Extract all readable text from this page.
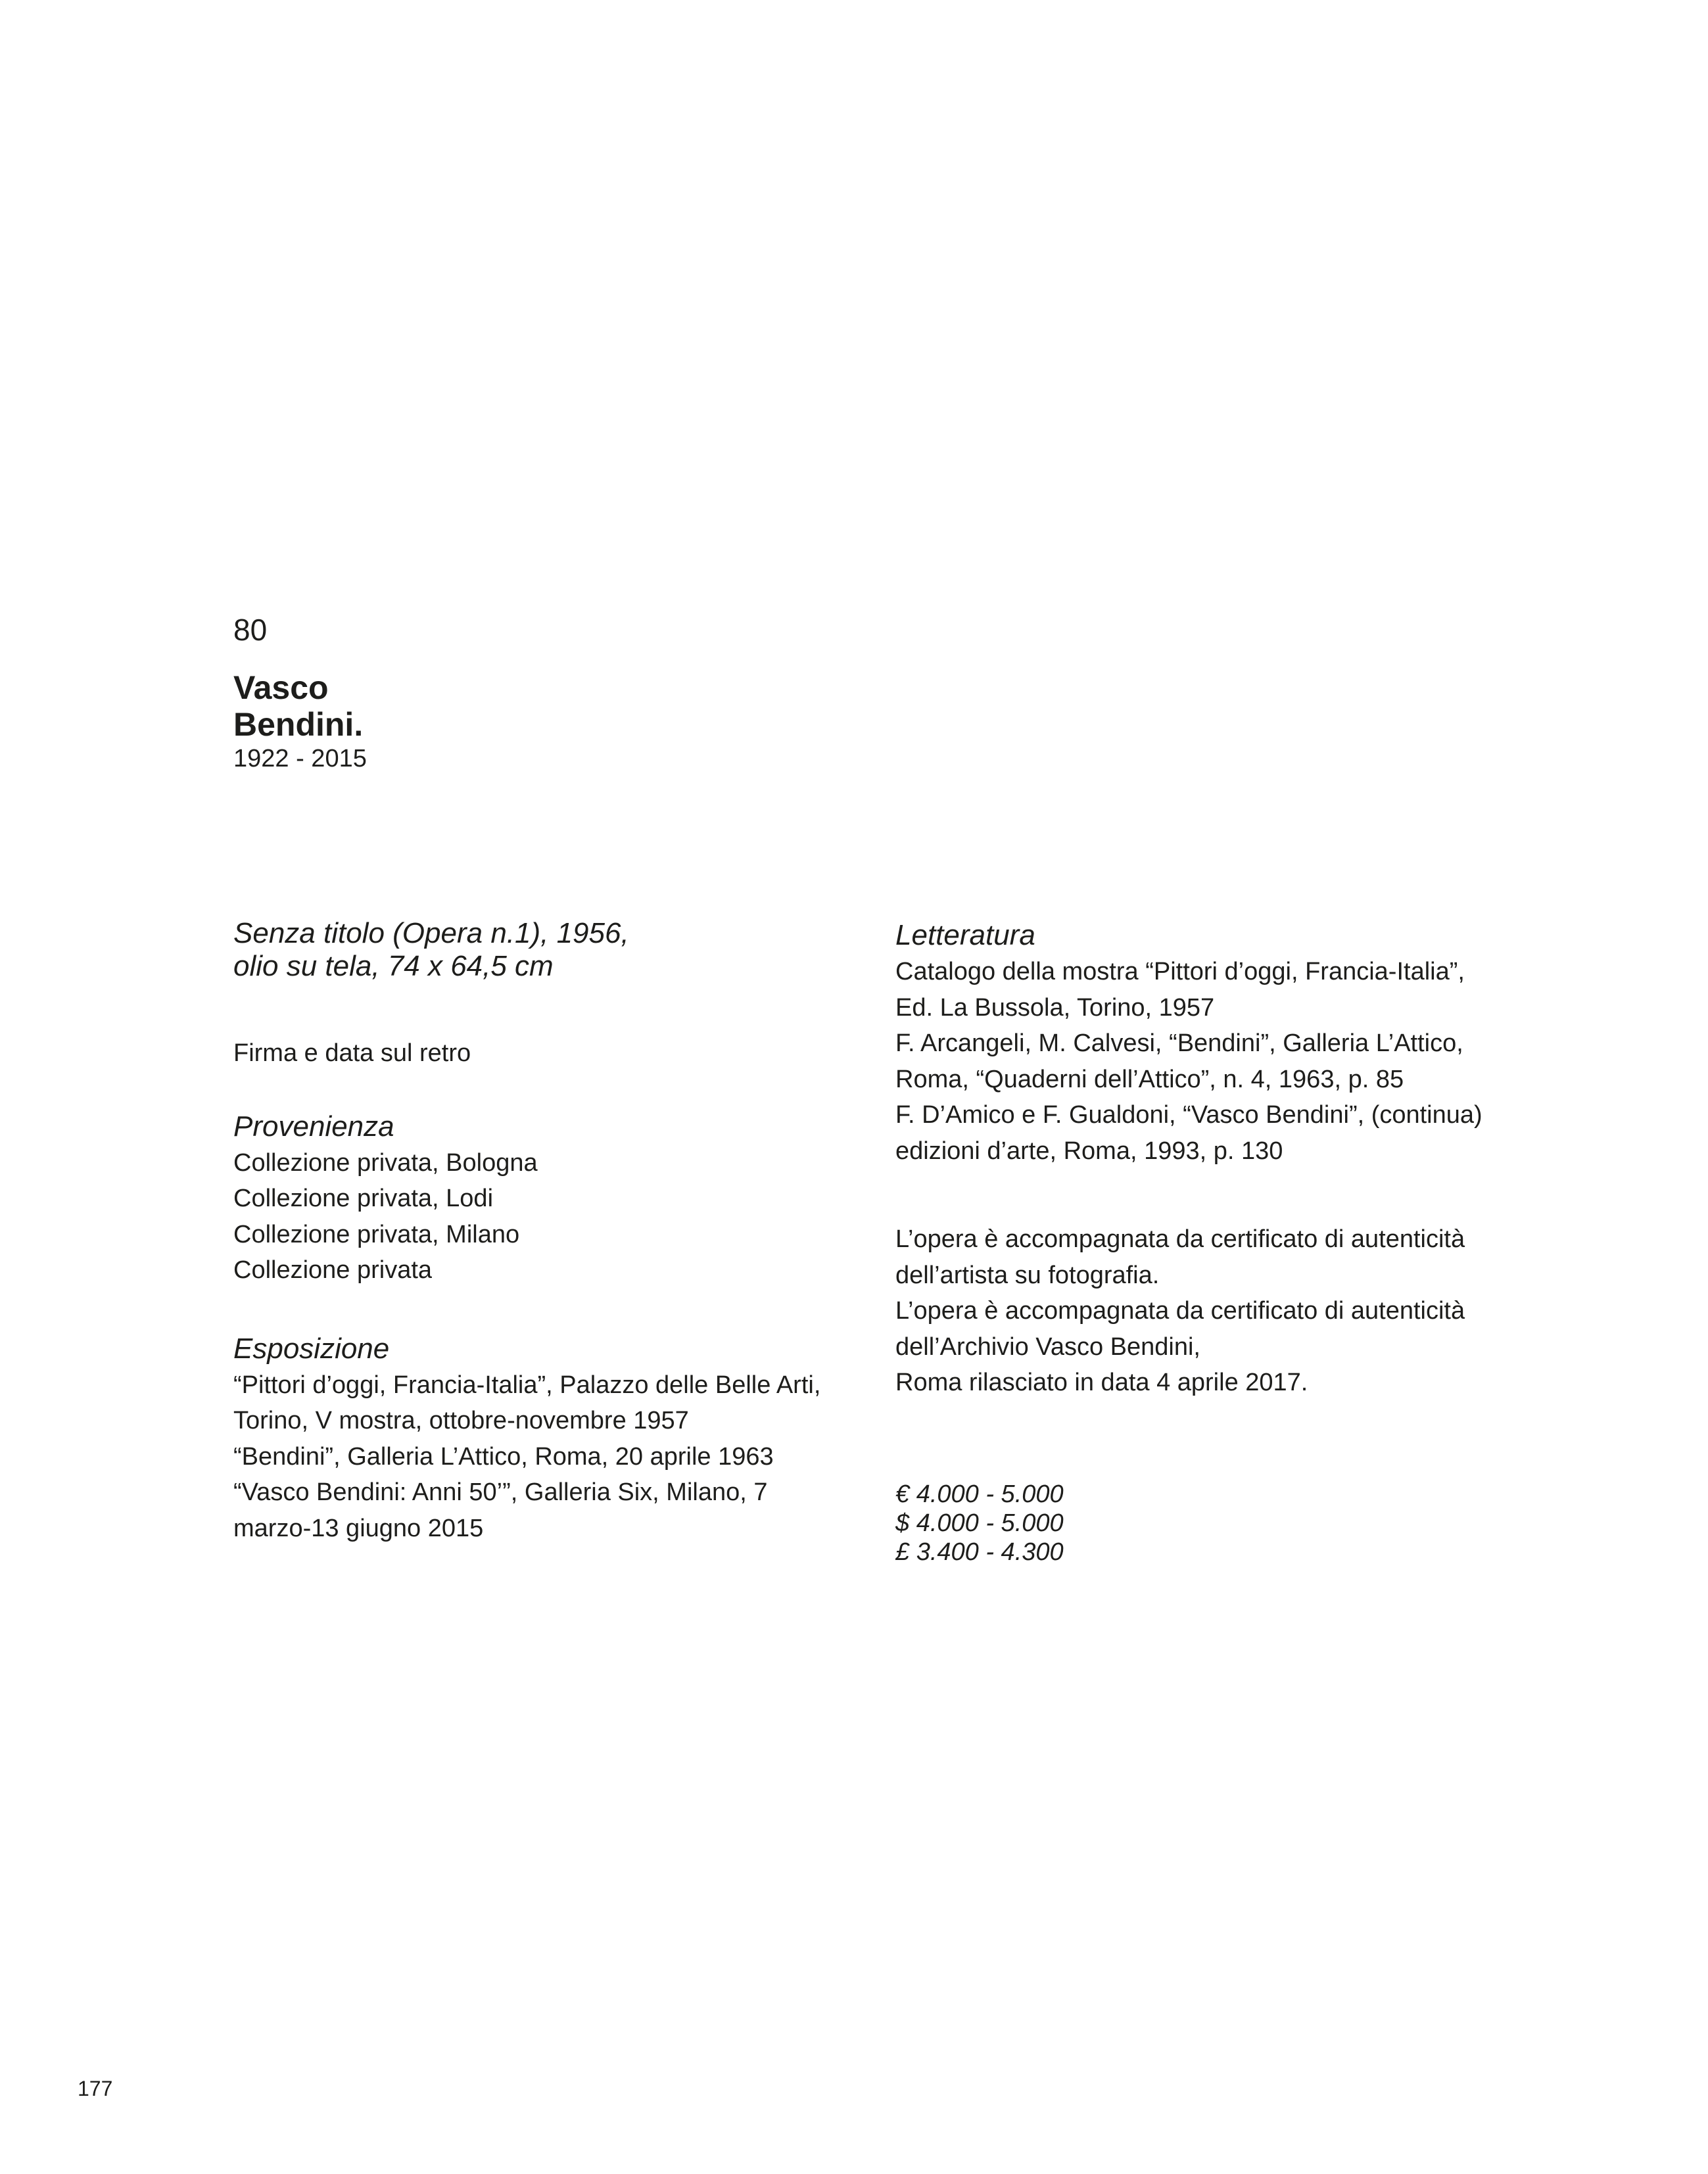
80
Vasco
Bendini.
1922 - 2015
Senza titolo (Opera n.1), 1956,
olio su tela, 74 x 64,5 cm
Firma e data sul retro
Provenienza
Collezione privata, Bologna
Collezione privata, Lodi
Collezione privata, Milano
Collezione privata
Esposizione
“Pittori d’oggi, Francia-Italia”, Palazzo delle Belle Arti,
Torino, V mostra, ottobre-novembre 1957
“Bendini”, Galleria L’Attico, Roma, 20 aprile 1963
“Vasco Bendini: Anni 50’”, Galleria Six, Milano, 7
marzo-13 giugno 2015
Letteratura
Catalogo della mostra “Pittori d’oggi, Francia-Italia”,
Ed. La Bussola, Torino, 1957
F. Arcangeli, M. Calvesi, “Bendini”, Galleria L’Attico,
Roma, “Quaderni dell’Attico”, n. 4, 1963, p. 85
F. D’Amico e F. Gualdoni, “Vasco Bendini”, (continua)
edizioni d’arte, Roma, 1993, p. 130
L’opera è accompagnata da certificato di autenticità
dell’artista su fotografia.
L’opera è accompagnata da certificato di autenticità
dell’Archivio Vasco Bendini,
Roma rilasciato in data 4 aprile 2017.
€ 4.000 - 5.000
$ 4.000 - 5.000
£ 3.400 - 4.300
177
